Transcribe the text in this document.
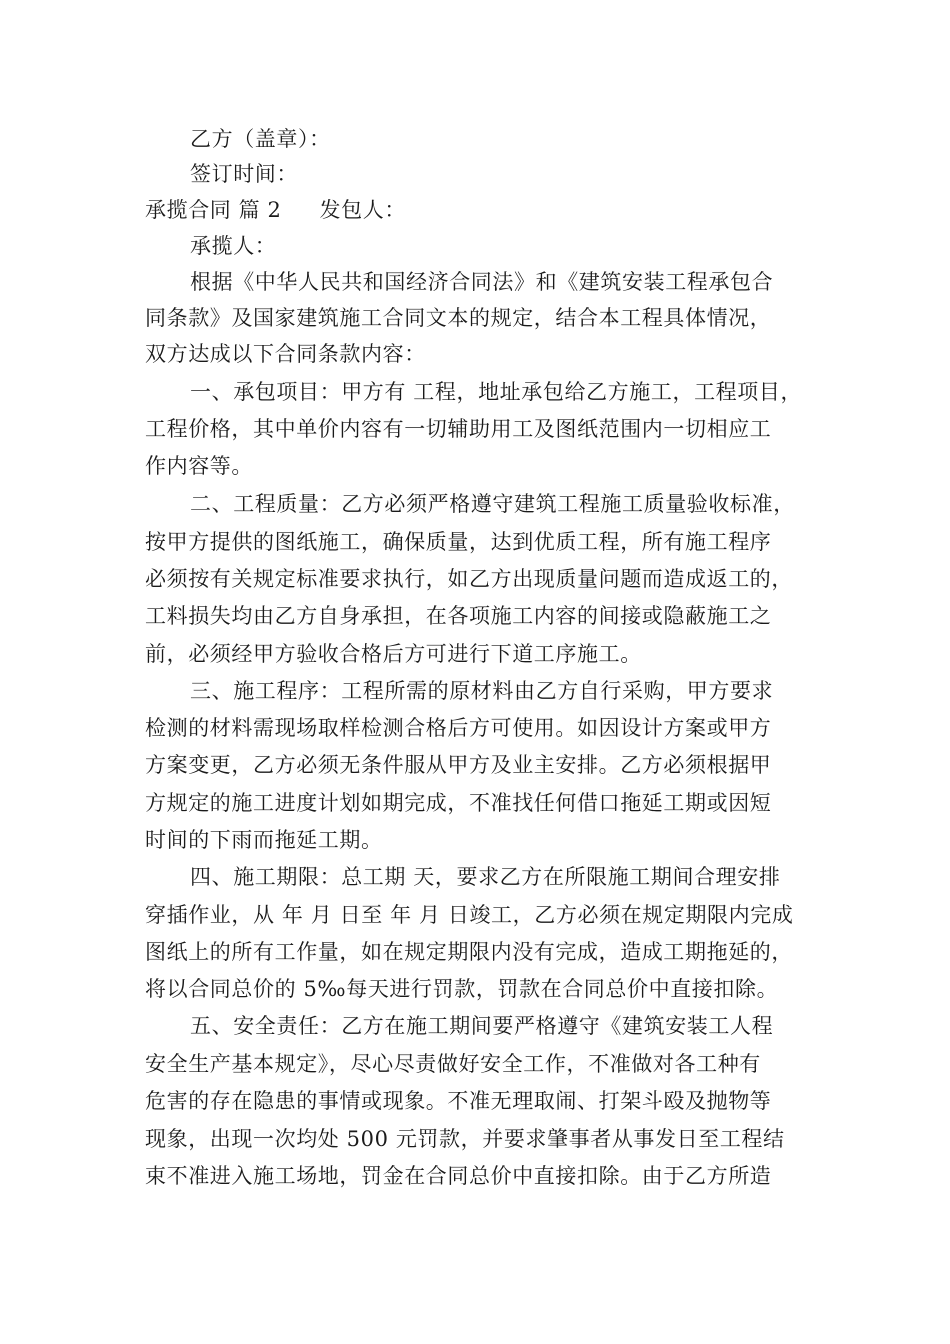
乙方（盖章）：
签订时间：
承揽合同 篇 2 发包人：
承揽人：
根据《中华人民共和国经济合同法》和《建筑安装工程承包合
同条款》及国家建筑施工合同文本的规定，结合本工程具体情况，
双方达成以下合同条款内容：
一、承包项目：甲方有 工程，地址承包给乙方施工，工程项目，
工程价格，其中单价内容有一切辅助用工及图纸范围内一切相应工
作内容等。
二、工程质量：乙方必须严格遵守建筑工程施工质量验收标准，
按甲方提供的图纸施工，确保质量，达到优质工程，所有施工程序
必须按有关规定标准要求执行，如乙方出现质量问题而造成返工的，
工料损失均由乙方自身承担，在各项施工内容的间接或隐蔽施工之
前，必须经甲方验收合格后方可进行下道工序施工。
三、施工程序：工程所需的原材料由乙方自行采购，甲方要求
检测的材料需现场取样检测合格后方可使用。如因设计方案或甲方
方案变更，乙方必须无条件服从甲方及业主安排。乙方必须根据甲
方规定的施工进度计划如期完成，不准找任何借口拖延工期或因短
时间的下雨而拖延工期。
四、施工期限：总工期 天，要求乙方在所限施工期间合理安排
穿插作业，从 年 月 日至 年 月 日竣工，乙方必须在规定期限内完成
图纸上的所有工作量，如在规定期限内没有完成，造成工期拖延的，
将以合同总价的 5‰每天进行罚款，罚款在合同总价中直接扣除。
五、安全责任：乙方在施工期间要严格遵守《建筑安装工人程
安全生产基本规定》，尽心尽责做好安全工作，不准做对各工种有
危害的存在隐患的事情或现象。不准无理取闹、打架斗殴及抛物等
现象，出现一次均处 500 元罚款，并要求肇事者从事发日至工程结
束不准进入施工场地，罚金在合同总价中直接扣除。由于乙方所造
